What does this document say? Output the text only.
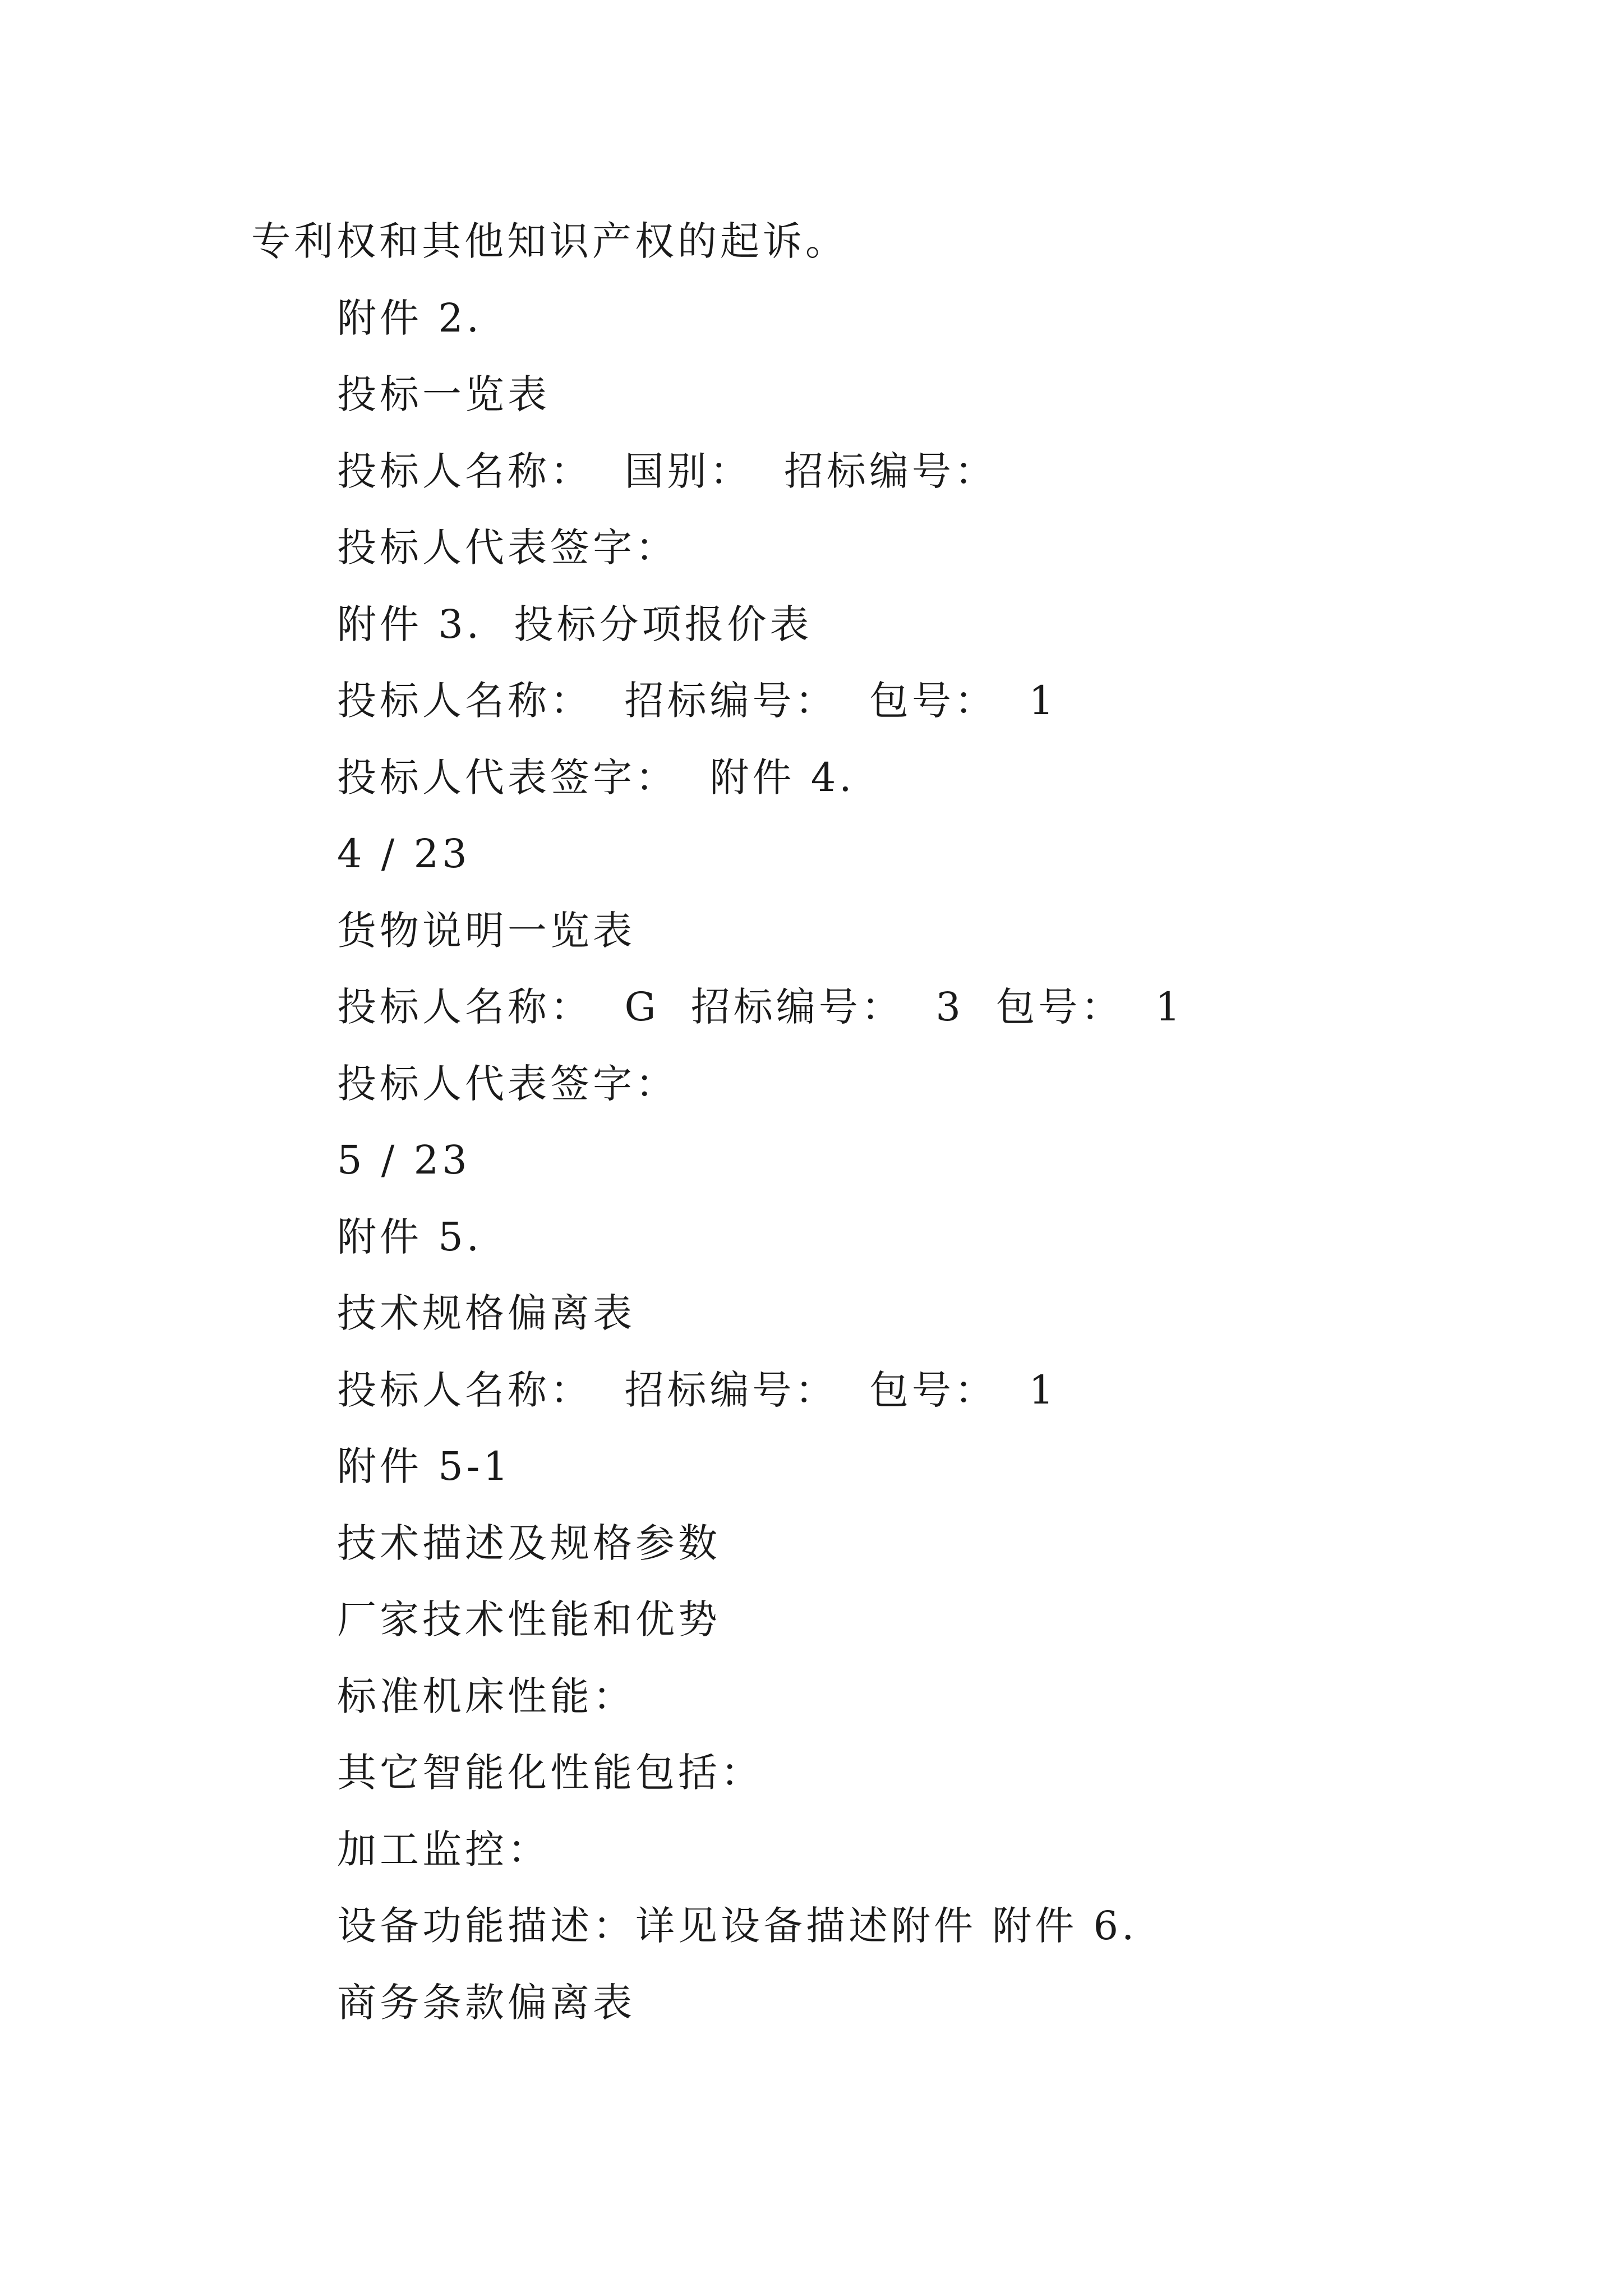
专利权和其他知识产权的起诉。
附件 2.
投标一览表
投标人名称：  国别：  招标编号：
投标人代表签字：
附件 3.  投标分项报价表
投标人名称：  招标编号：  包号：  1
投标人代表签字：  附件 4.
4 / 23
货物说明一览表
投标人名称：  G  招标编号：  3  包号：  1
投标人代表签字：
5 / 23
附件 5.
技术规格偏离表
投标人名称：  招标编号：  包号：  1
附件 5-1
技术描述及规格参数
厂家技术性能和优势
标准机床性能：
其它智能化性能包括：
加工监控：
设备功能描述：详见设备描述附件 附件 6.
商务条款偏离表
